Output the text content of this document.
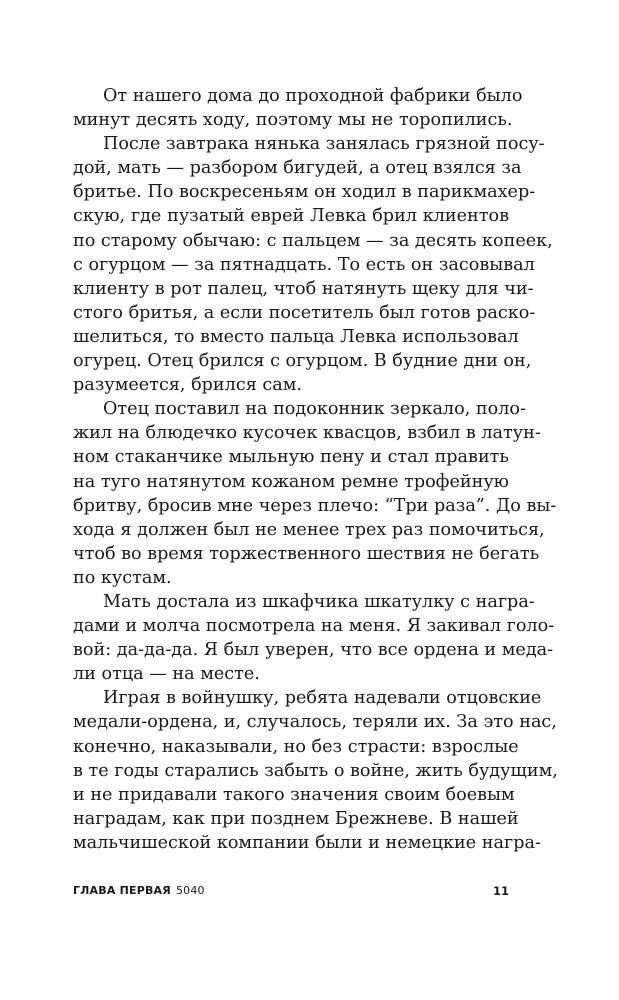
От нашего дома до проходной фабрики было
минут десять ходу, поэтому мы не торопились.
После завтрака нянька занялась грязной посу-
дой, мать — разбором бигудей, а отец взялся за
бритье. По воскресеньям он ходил в парикмахер-
скую, где пузатый еврей Левка брил клиентов
по старому обычаю: с пальцем — за десять копеек,
с огурцом — за пятнадцать. То есть он засовывал
клиенту в рот палец, чтоб натянуть щеку для чи-
стого бритья, а если посетитель был готов раско-
шелиться, то вместо пальца Левка использовал
огурец. Отец брился с огурцом. В будние дни он,
разумеется, брился сам.
Отец поставил на подоконник зеркало, поло-
жил на блюдечко кусочек квасцов, взбил в латун-
ном стаканчике мыльную пену и стал править
на туго натянутом кожаном ремне трофейную
бритву, бросив мне через плечо: “Три раза”. До вы-
хода я должен был не менее трех раз помочиться,
чтоб во время торжественного шествия не бегать
по кустам.
Мать достала из шкафчика шкатулку с награ-
дами и молча посмотрела на меня. Я закивал голо-
вой: да-да-да. Я был уверен, что все ордена и меда-
ли отца — на месте.
Играя в войнушку, ребята надевали отцовские
медали-ордена, и, случалось, теряли их. За это нас,
конечно, наказывали, но без страсти: взрослые
в те годы старались забыть о войне, жить будущим,
и не придавали такого значения своим боевым
наградам, как при позднем Брежневе. В нашей
мальчишеской компании были и немецкие награ-
ГЛАВА ПЕРВАЯ 5040	11
